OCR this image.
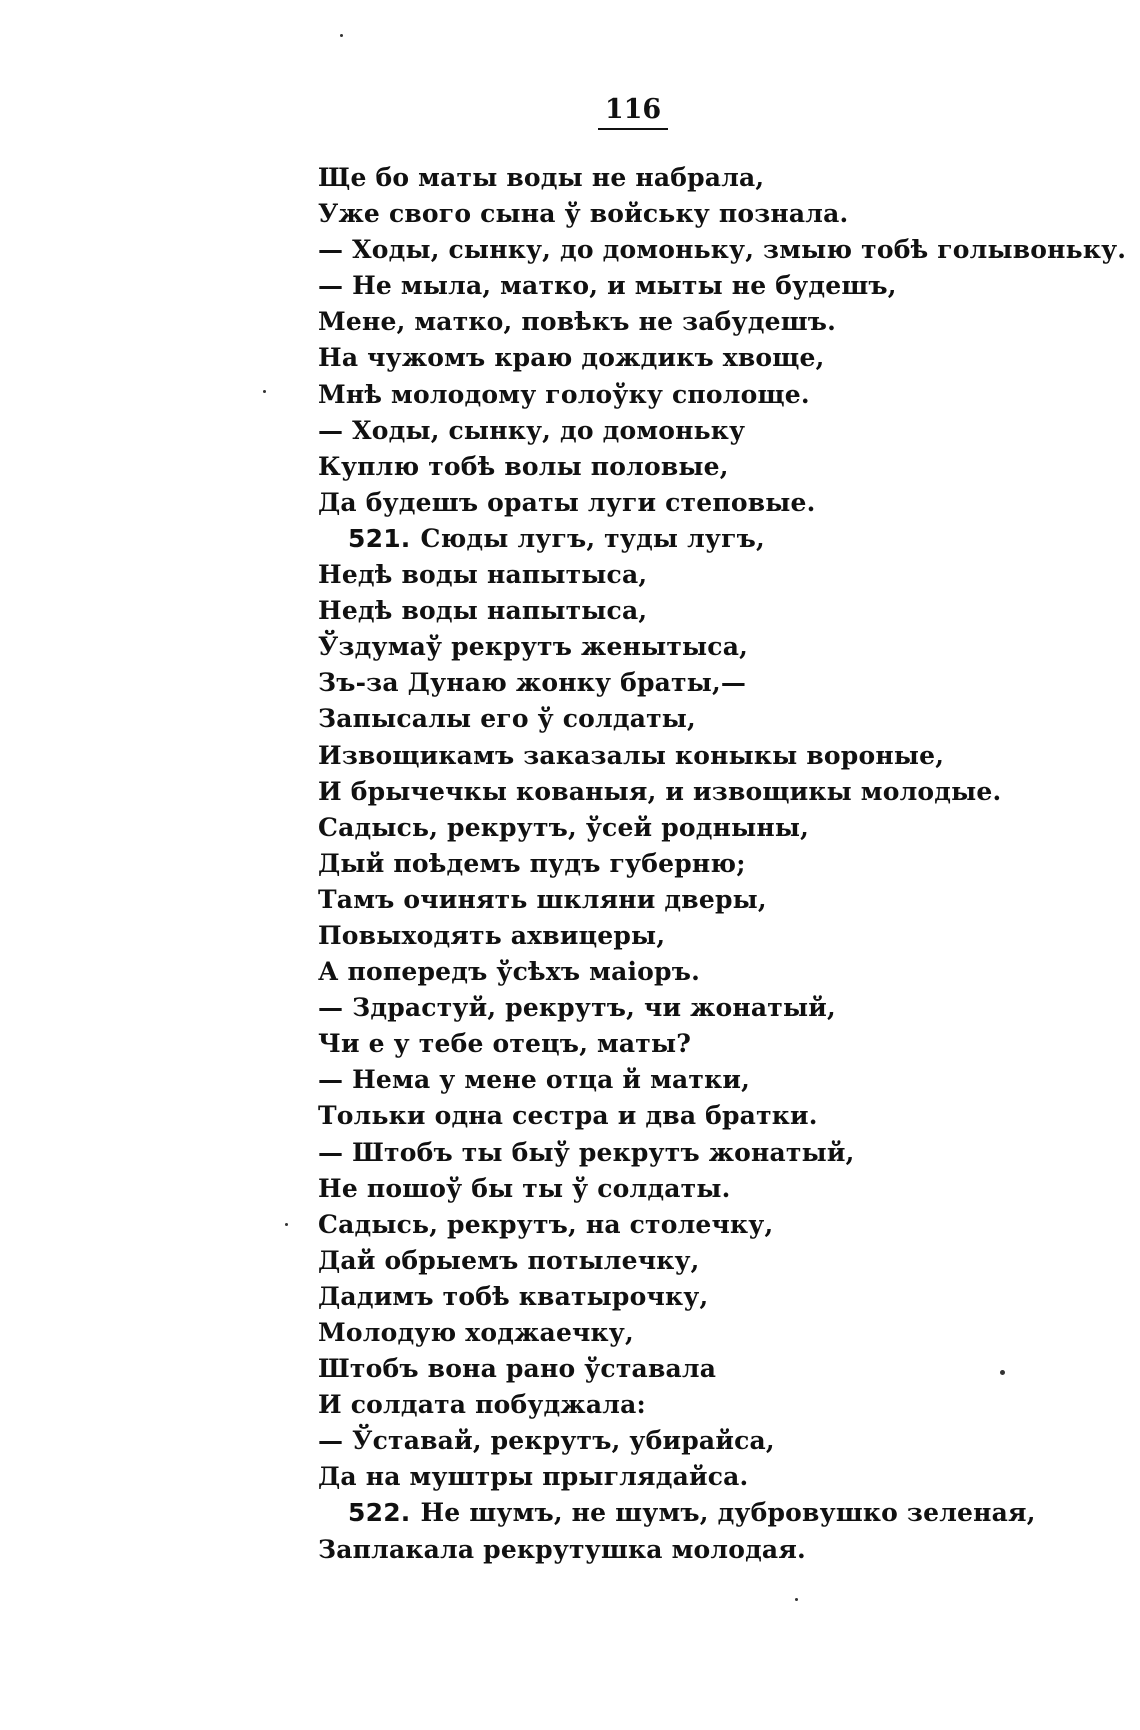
116
Ще бо маты воды не набрала,
Уже свого сына ў войську познала.
— Ходы, сынку, до домоньку, змыю тобѣ голывоньку.
— Не мыла, матко, и мыты не будешъ,
Мене, матко, повѣкъ не забудешъ.
На чужомъ краю дождикъ хвоще,
Мнѣ молодому голоўку сполоще.
— Ходы, сынку, до домоньку
Куплю тобѣ волы половые,
Да будешъ ораты луги степовые.
521. Сюды лугъ, туды лугъ,
Недѣ воды напытыса,
Недѣ воды напытыса,
Ўздумаў рекрутъ женытыса,
Зъ-за Дунаю жонку браты,—
Запысалы его ў солдаты,
Извощикамъ заказалы коныкы вороные,
И брычечкы кованыя, и извощикы молодые.
Садысь, рекрутъ, ўсей родныны,
Дый поѣдемъ пудъ губерню;
Тамъ очинять шкляни дверы,
Повыходять ахвицеры,
А попередъ ўсѣхъ маіоръ.
— Здрастуй, рекрутъ, чи жонатый,
Чи е у тебе отецъ, маты?
— Нема у мене отца й матки,
Тольки одна сестра и два братки.
— Штобъ ты быў рекрутъ жонатый,
Не пошоў бы ты ў солдаты.
Садысь, рекрутъ, на столечку,
Дай обрыемъ потылечку,
Дадимъ тобѣ кватырочку,
Молодую ходжаечку,
Штобъ вона рано ўставала
И солдата побуджала:
— Ўставай, рекрутъ, убирайса,
Да на муштры прыглядайса.
522. Не шумъ, не шумъ, дубровушко зеленая,
Заплакала рекрутушка молодая.
